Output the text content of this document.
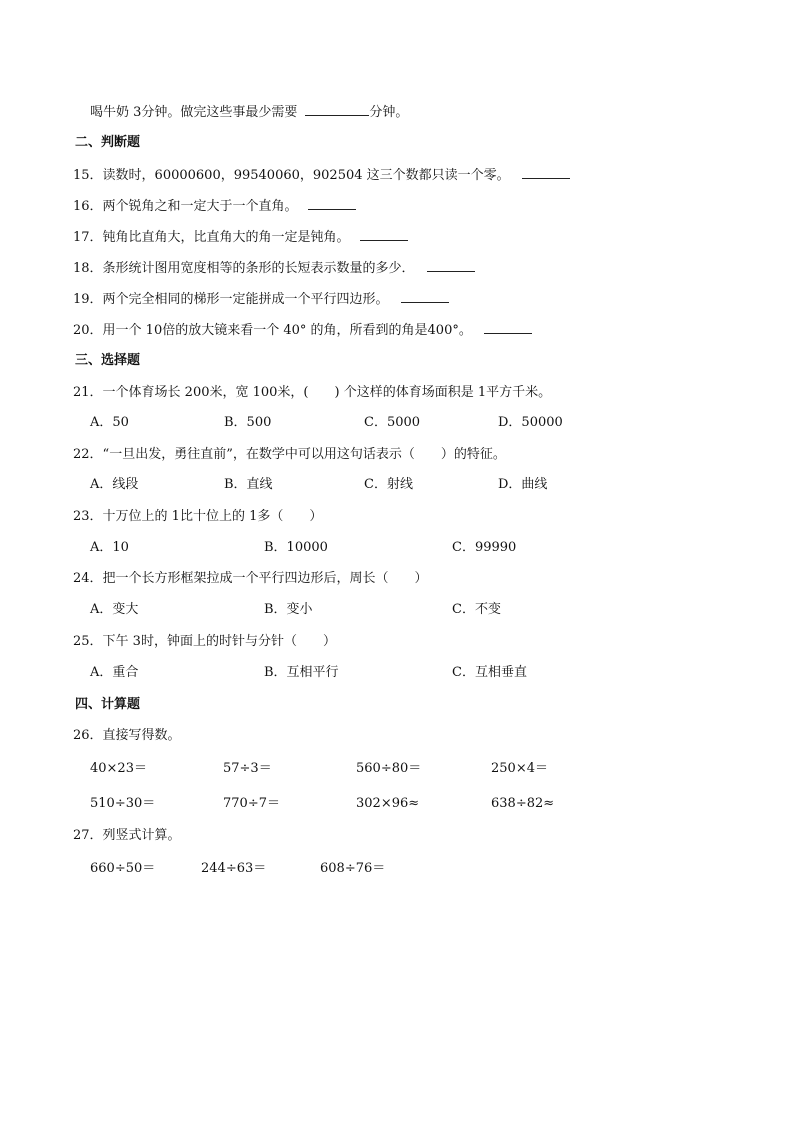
喝牛奶 3分钟。做完这些事最少需要	分钟。
二、判断题
15．读数时，60000600，99540060，902504 这三个数都只读一个零。
16．两个锐角之和一定大于一个直角。
17．钝角比直角大，比直角大的角一定是钝角。
18．条形统计图用宽度相等的条形的长短表示数量的多少．
19．两个完全相同的梯形一定能拼成一个平行四边形。
20．用一个 10倍的放大镜来看一个 40° 的角，所看到的角是400°。
三、选择题
21．一个体育场长 200米，宽 100米，(　　) 个这样的体育场面积是 1平方千米。
A．50	B．500	C．5000	D．50000
22．“一旦出发，勇往直前”，在数学中可以用这句话表示（　　）的特征。
A．线段	B．直线	C．射线	D．曲线
23．十万位上的 1比十位上的 1多（　　）
A．10	B．10000	C．99990
24．把一个长方形框架拉成一个平行四边形后，周长（　　）
A．变大	B．变小	C．不变
25．下午 3时，钟面上的时针与分针（　　）
A．重合	B．互相平行	C．互相垂直
四、计算题
26．直接写得数。
40×23＝	57÷3＝	560÷80＝	250×4＝
510÷30＝	770÷7＝	302×96≈	638÷82≈
27．列竖式计算。
660÷50＝	244÷63＝	608÷76＝
